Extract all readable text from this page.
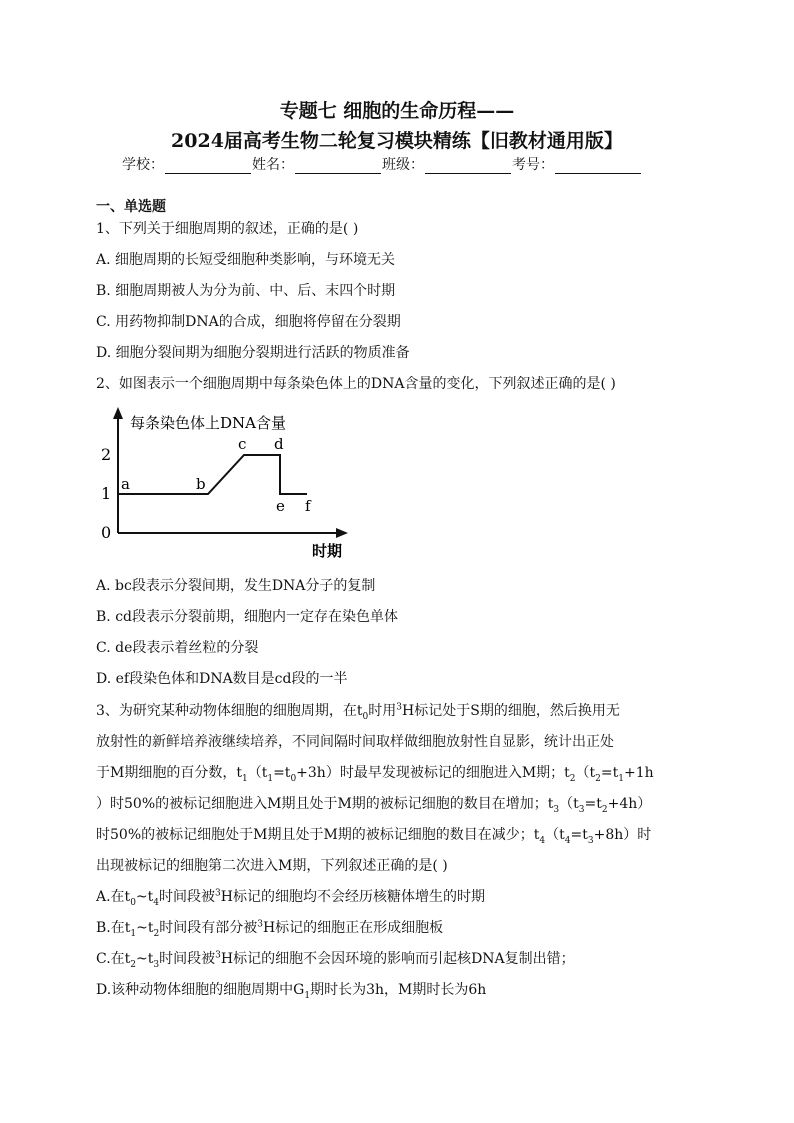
专题七 细胞的生命历程——
2024届高考生物二轮复习模块精练【旧教材通用版】
学校：	姓名：	班级：	考号：
一、单选题
1、下列关于细胞周期的叙述，正确的是( )
A. 细胞周期的长短受细胞种类影响，与环境无关
B. 细胞周期被人为分为前、中、后、末四个时期
C. 用药物抑制DNA的合成，细胞将停留在分裂期
D. 细胞分裂间期为细胞分裂期进行活跃的物质准备
2、如图表示一个细胞周期中每条染色体上的DNA含量的变化，下列叙述正确的是( )
每条染色体上DNA含量
时期
0
1
2
a	b
c d
e f
A. bc段表示分裂间期，发生DNA分子的复制
B. cd段表示分裂前期，细胞内一定存在染色单体
C. de段表示着丝粒的分裂
D. ef段染色体和DNA数目是cd段的一半
3、为研究某种动物体细胞的细胞周期，在$t_0$时用$^3$H标记处于S期的细胞，然后换用无
放射性的新鲜培养液继续培养，不同间隔时间取样做细胞放射性自显影，统计出正处
于M期细胞的百分数，$t_1(t_1=t_0+3h)$时最早发现被标记的细胞进入M期；$t_2(t_2=t_1+1h$
）时50%的被标记细胞进入M期且处于M期的被标记细胞的数目在增加；$t_3(t_3=t_2+4h)$
时50%的被标记细胞处于M期且处于M期的被标记细胞的数目在减少；$t_4(t_4=t_3+8h)$时
出现被标记的细胞第二次进入M期，下列叙述正确的是( )
A.在$t_0\sim t_4$时间段被$^3$H标记的细胞均不会经历核糖体增生的时期
B.在$t_1\sim t_2$时间段有部分被$^3$H标记的细胞正在形成细胞板
C.在$t_2\sim t_3$时间段被$^3$H标记的细胞不会因环境的影响而引起核DNA复制出错；
D.该种动物体细胞的细胞周期中$G_1$期时长为3h，M期时长为6h
